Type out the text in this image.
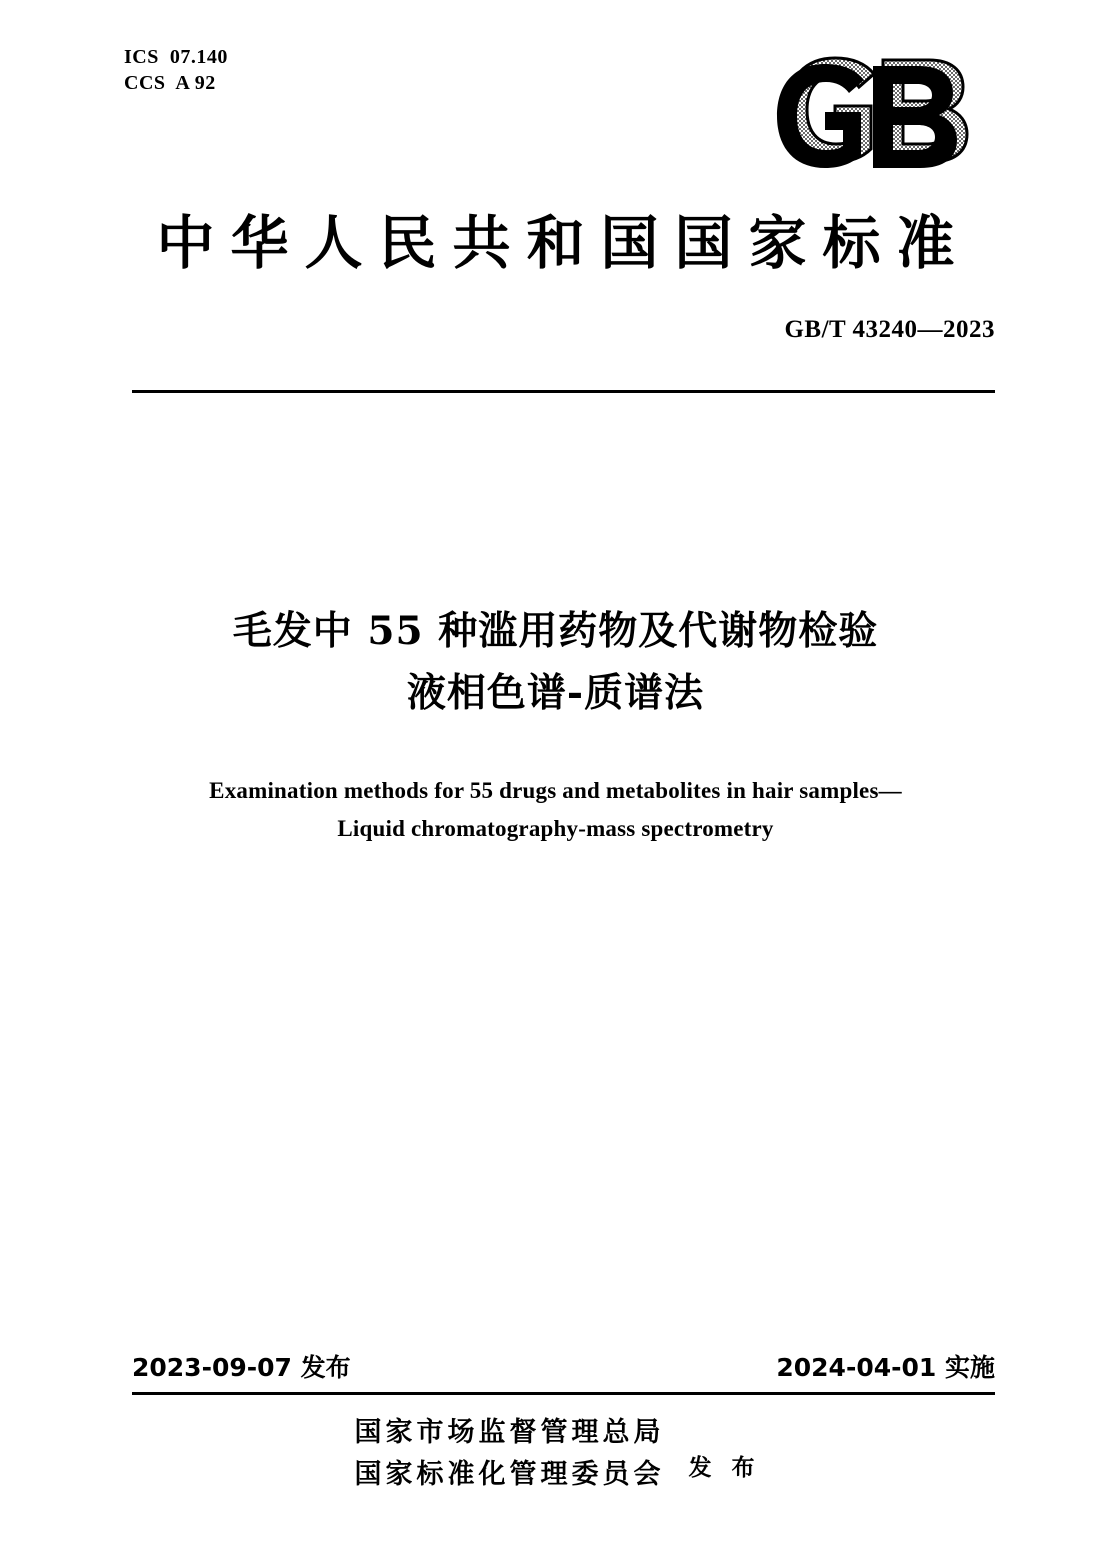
ICS  07.140
CCS  A 92
中华人民共和国国家标准
GB/T 43240—2023
毛发中 55 种滥用药物及代谢物检验
液相色谱-质谱法
Examination methods for 55 drugs and metabolites in hair samples—
Liquid chromatography-mass spectrometry
2023-09-07 发布	2024-04-01 实施
国家市场监督管理总局
国家标准化管理委员会 发 布
